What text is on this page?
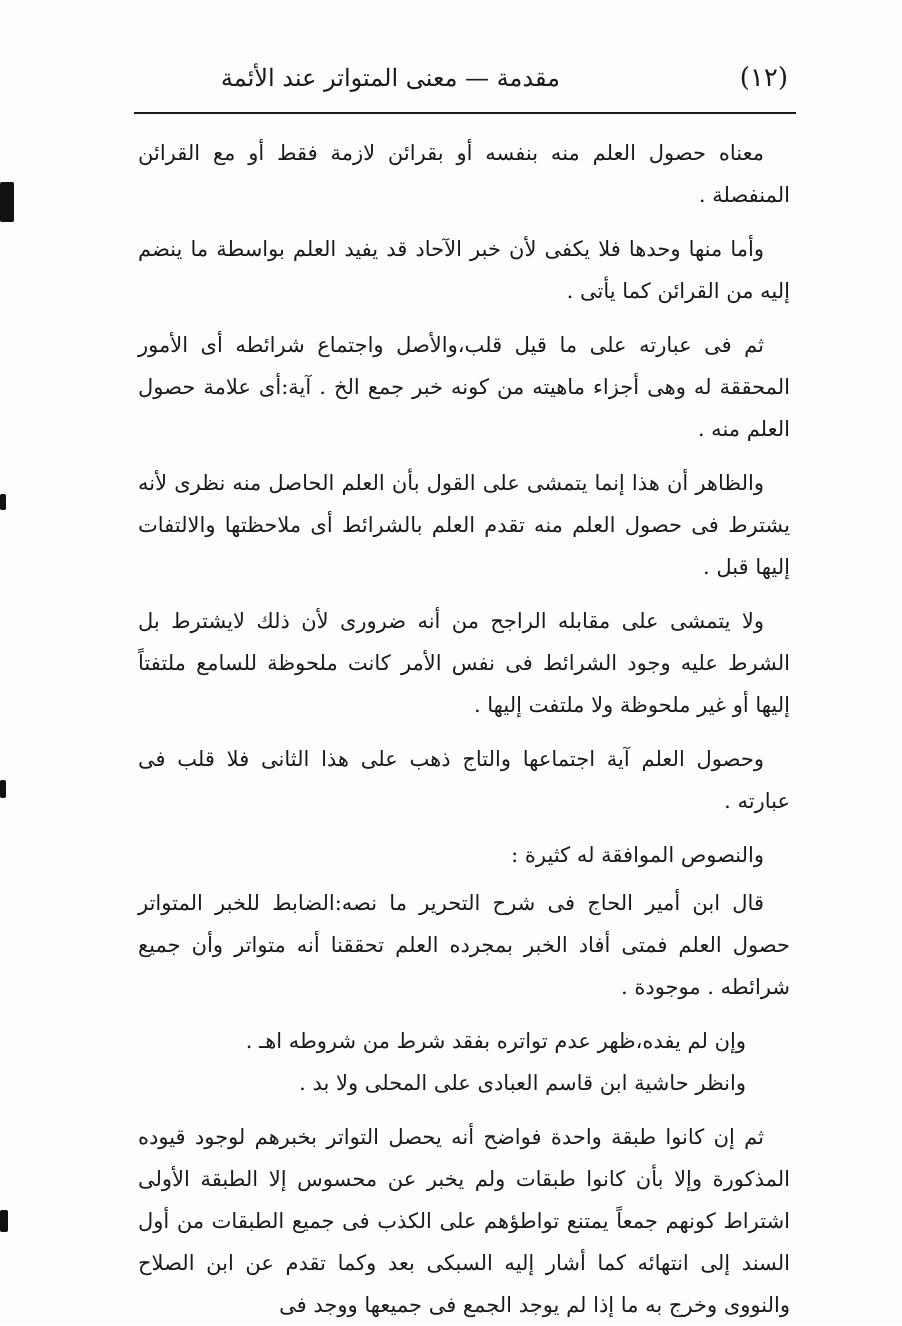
(١٢)
مقدمة — معنى المتواتر عند الأئمة

معناه حصول العلم منه بنفسه أو بقرائن لازمة فقط أو مع القرائن المنفصلة .

وأما منها وحدها فلا يكفى لأن خبر الآحاد قد يفيد العلم بواسطة ما ينضم إليه من القرائن كما يأتى .

ثم فى عبارته على ما قيل قلب،والأصل واجتماع شرائطه أى الأمور المحققة له وهى أجزاء ماهيته من كونه خبر جمع الخ . آية:أى علامة حصول العلم منه .

والظاهر أن هذا إنما يتمشى على القول بأن العلم الحاصل منه نظرى لأنه يشترط فى حصول العلم منه تقدم العلم بالشرائط أى ملاحظتها والالتفات إليها قبل .

ولا يتمشى على مقابله الراجح من أنه ضرورى لأن ذلك لايشترط بل الشرط عليه وجود الشرائط فى نفس الأمر كانت ملحوظة للسامع ملتفتاً إليها أو غير ملحوظة ولا ملتفت إليها .

وحصول العلم آية اجتماعها والتاج ذهب على هذا الثانى فلا قلب فى عبارته .

والنصوص الموافقة له كثيرة :

قال ابن أمير الحاج فى شرح التحرير ما نصه:الضابط للخبر المتواتر حصول العلم فمتى أفاد الخبر بمجرده العلم تحققنا أنه متواتر وأن جميع شرائطه . موجودة .

وإن لم يفده،ظهر عدم تواتره بفقد شرط من شروطه اهـ .

وانظر حاشية ابن قاسم العبادى على المحلى ولا بد .

ثم إن كانوا طبقة واحدة فواضح أنه يحصل التواتر بخبرهم لوجود قيوده المذكورة وإلا بأن كانوا طبقات ولم يخبر عن محسوس إلا الطبقة الأولى اشتراط كونهم جمعاً يمتنع تواطؤهم على الكذب فى جميع الطبقات من أول السند إلى انتهائه كما أشار إليه السبكى بعد وكما تقدم عن ابن الصلاح والنووى وخرج به ما إذا لم يوجد الجمع فى جميعها ووجد فى
